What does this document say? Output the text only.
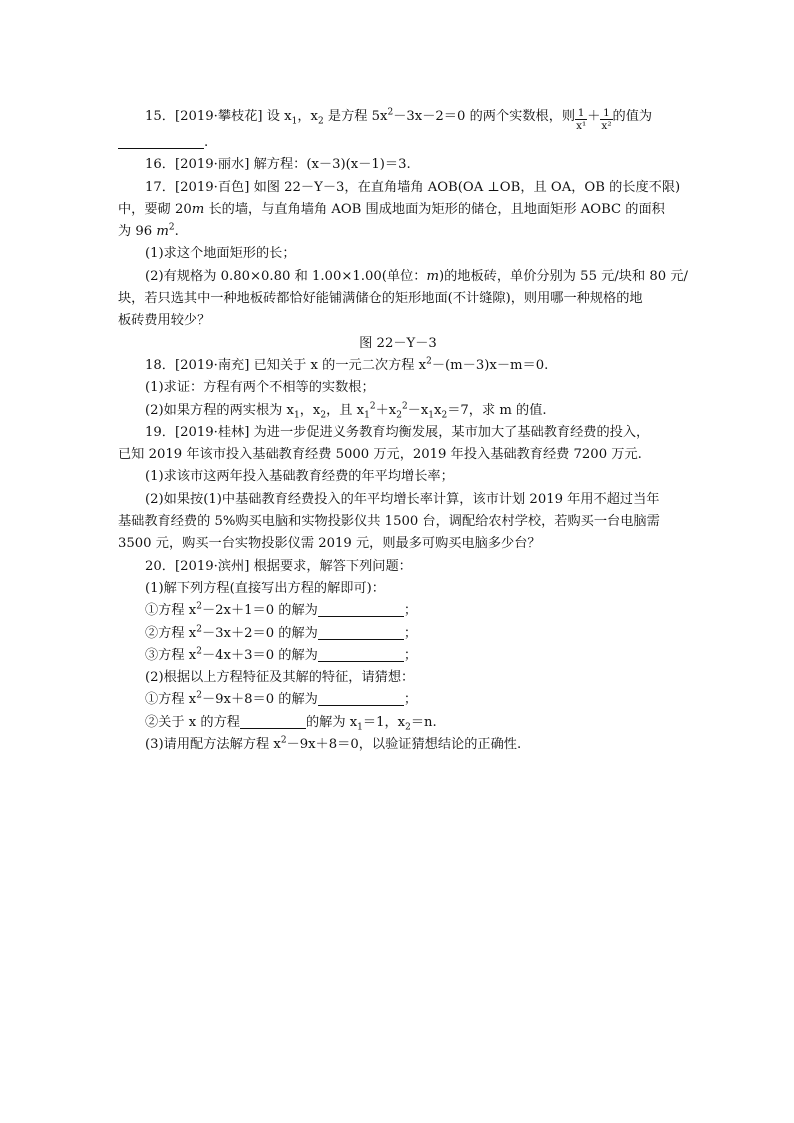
15．[2019·攀枝花] 设 $x_1$，$x_2$ 是方程 $5x^2-3x-2=0$ 的两个实数根，则 $\frac{1}{\text{x¹}} + \frac{1}{\text{x²}}$ 的值为
.
16．[2019·丽水] 解方程：(x－3)(x－1)＝3.
17．[2019·百色] 如图 22－Y－3，在直角墙角 AOB(OA ⊥OB，且 OA，OB 的长度不限)
中，要砌 20m 长的墙，与直角墙角 AOB 围成地面为矩形的储仓，且地面矩形 AOBC 的面积
为 96 $m^2$.
(1)求这个地面矩形的长；
(2)有规格为 0.80×0.80 和 1.00×1.00(单位：m)的地板砖，单价分别为 55 元/块和 80 元/
块，若只选其中一种地板砖都恰好能铺满储仓的矩形地面(不计缝隙)，则用哪一种规格的地
板砖费用较少？
图 22－Y－3
18．[2019·南充] 已知关于 x 的一元二次方程 $x^2-(m-3)x-m=0$.
(1)求证：方程有两个不相等的实数根；
(2)如果方程的两实根为 $x_1$，$x_2$，且 $x_1^2+x_2^2-x_1x_2=7$，求 m 的值.
19．[2019·桂林] 为进一步促进义务教育均衡发展，某市加大了基础教育经费的投入，
已知 2019 年该市投入基础教育经费 5000 万元，2019 年投入基础教育经费 7200 万元.
(1)求该市这两年投入基础教育经费的年平均增长率；
(2)如果按(1)中基础教育经费投入的年平均增长率计算，该市计划 2019 年用不超过当年
基础教育经费的 5%购买电脑和实物投影仪共 1500 台，调配给农村学校，若购买一台电脑需
3500 元，购买一台实物投影仪需 2019 元，则最多可购买电脑多少台？
20．[2019·滨州] 根据要求，解答下列问题：
(1)解下列方程(直接写出方程的解即可)：
①方程 $x^2-2x+1=0$ 的解为	；
②方程 $x^2-3x+2=0$ 的解为	；
③方程 $x^2-4x+3=0$ 的解为	；
(2)根据以上方程特征及其解的特征，请猜想：
①方程 $x^2-9x+8=0$ 的解为	；
②关于 x 的方程	的解为 $x_1=1$，$x_2=n$.
(3)请用配方法解方程 $x^2-9x+8=0$，以验证猜想结论的正确性.
